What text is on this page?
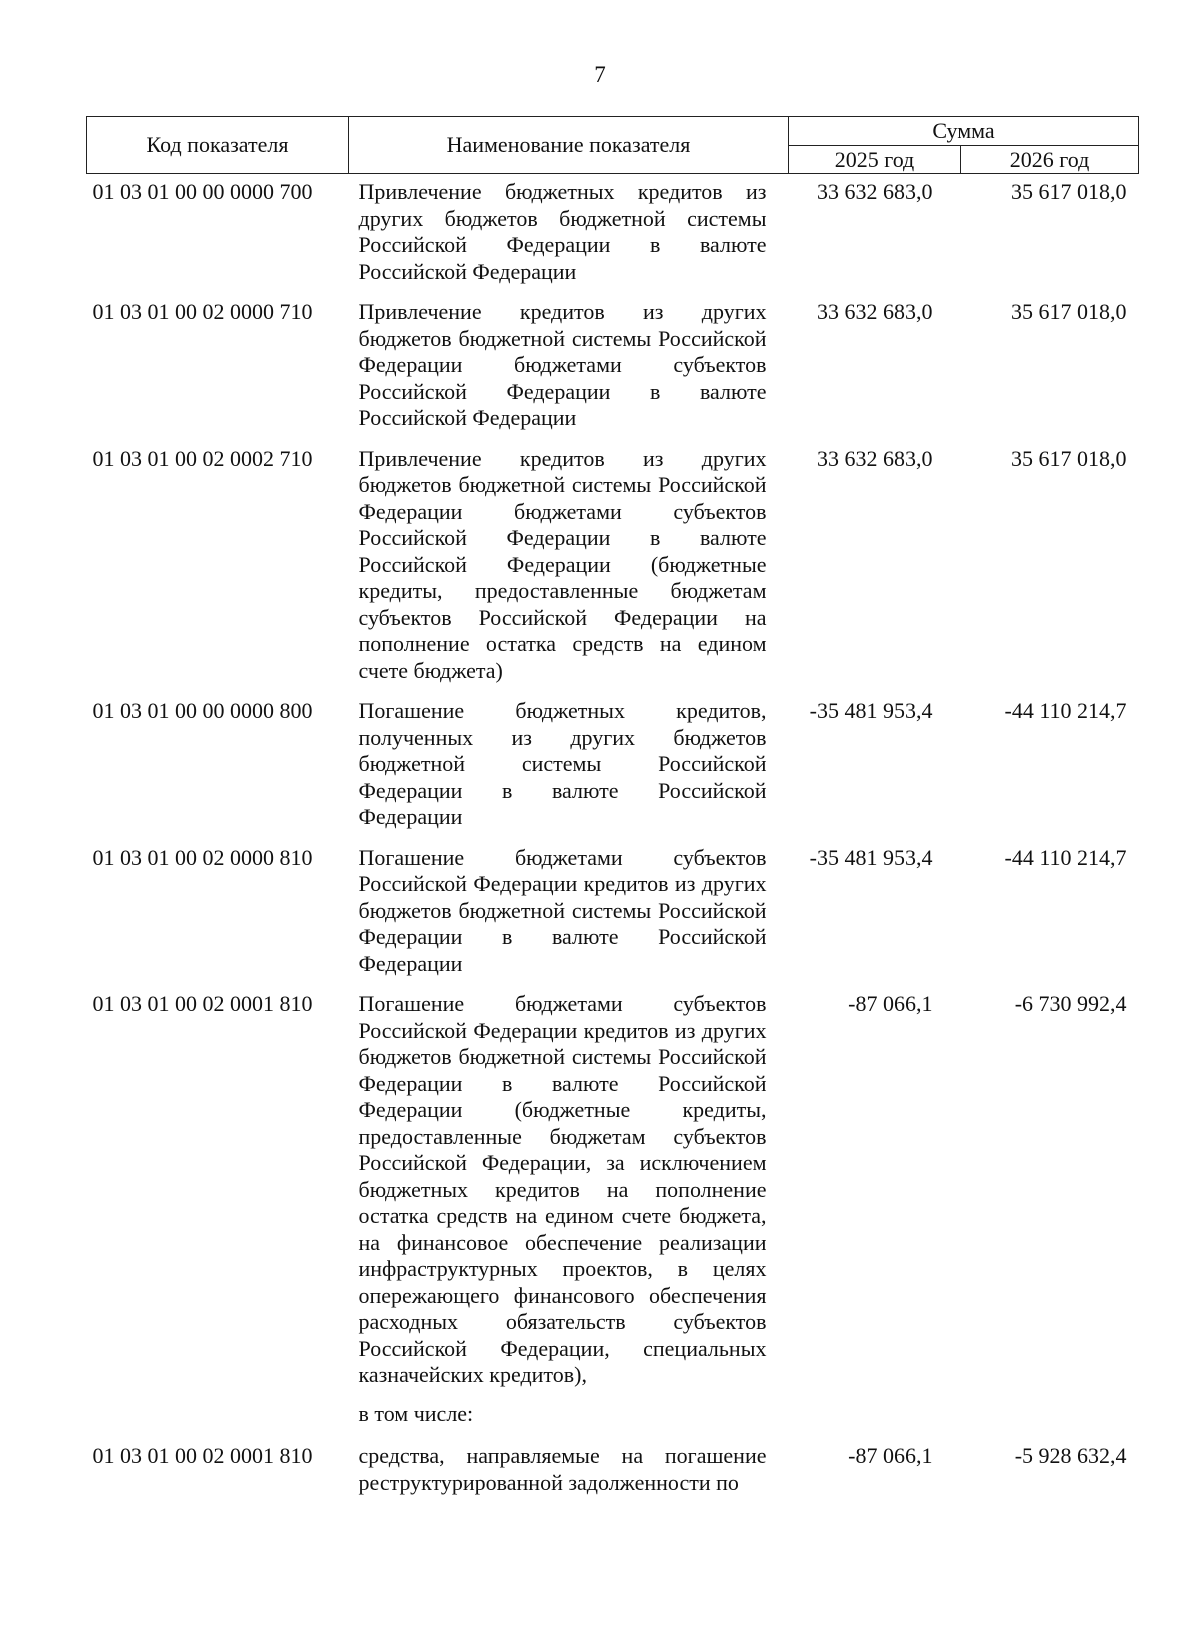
7
Код показателя	Наименование показателя	Сумма	
		2025 год	2026 год
01 03 01 00 00 0000 700	Привлечение бюджетных кредитов из других бюджетов бюджетной системы Российской Федерации в валюте Российской Федерации	33 632 683,0	35 617 018,0
01 03 01 00 02 0000 710	Привлечение кредитов из других бюджетов бюджетной системы Российской Федерации бюджетами субъектов Российской Федерации в валюте Российской Федерации	33 632 683,0	35 617 018,0
01 03 01 00 02 0002 710	Привлечение кредитов из других бюджетов бюджетной системы Российской Федерации бюджетами субъектов Российской Федерации в валюте Российской Федерации (бюджетные кредиты, предоставленные бюджетам субъектов Российской Федерации на пополнение остатка средств на едином счете бюджета)	33 632 683,0	35 617 018,0
01 03 01 00 00 0000 800	Погашение бюджетных кредитов, полученных из других бюджетов бюджетной системы Российской Федерации в валюте Российской Федерации	-35 481 953,4	-44 110 214,7
01 03 01 00 02 0000 810	Погашение бюджетами субъектов Российской Федерации кредитов из других бюджетов бюджетной системы Российской Федерации в валюте Российской Федерации	-35 481 953,4	-44 110 214,7
01 03 01 00 02 0001 810	Погашение бюджетами субъектов Российской Федерации кредитов из других бюджетов бюджетной системы Российской Федерации в валюте Российской Федерации (бюджетные кредиты, предоставленные бюджетам субъектов Российской Федерации, за исключением бюджетных кредитов на пополнение остатка средств на едином счете бюджета, на финансовое обеспечение реализации инфраструктурных проектов, в целях опережающего финансового обеспечения расходных обязательств субъектов Российской Федерации, специальных казначейских кредитов),	-87 066,1	-6 730 992,4
	в том числе:		
01 03 01 00 02 0001 810	средства, направляемые на погашение реструктурированной задолженности по	-87 066,1	-5 928 632,4
